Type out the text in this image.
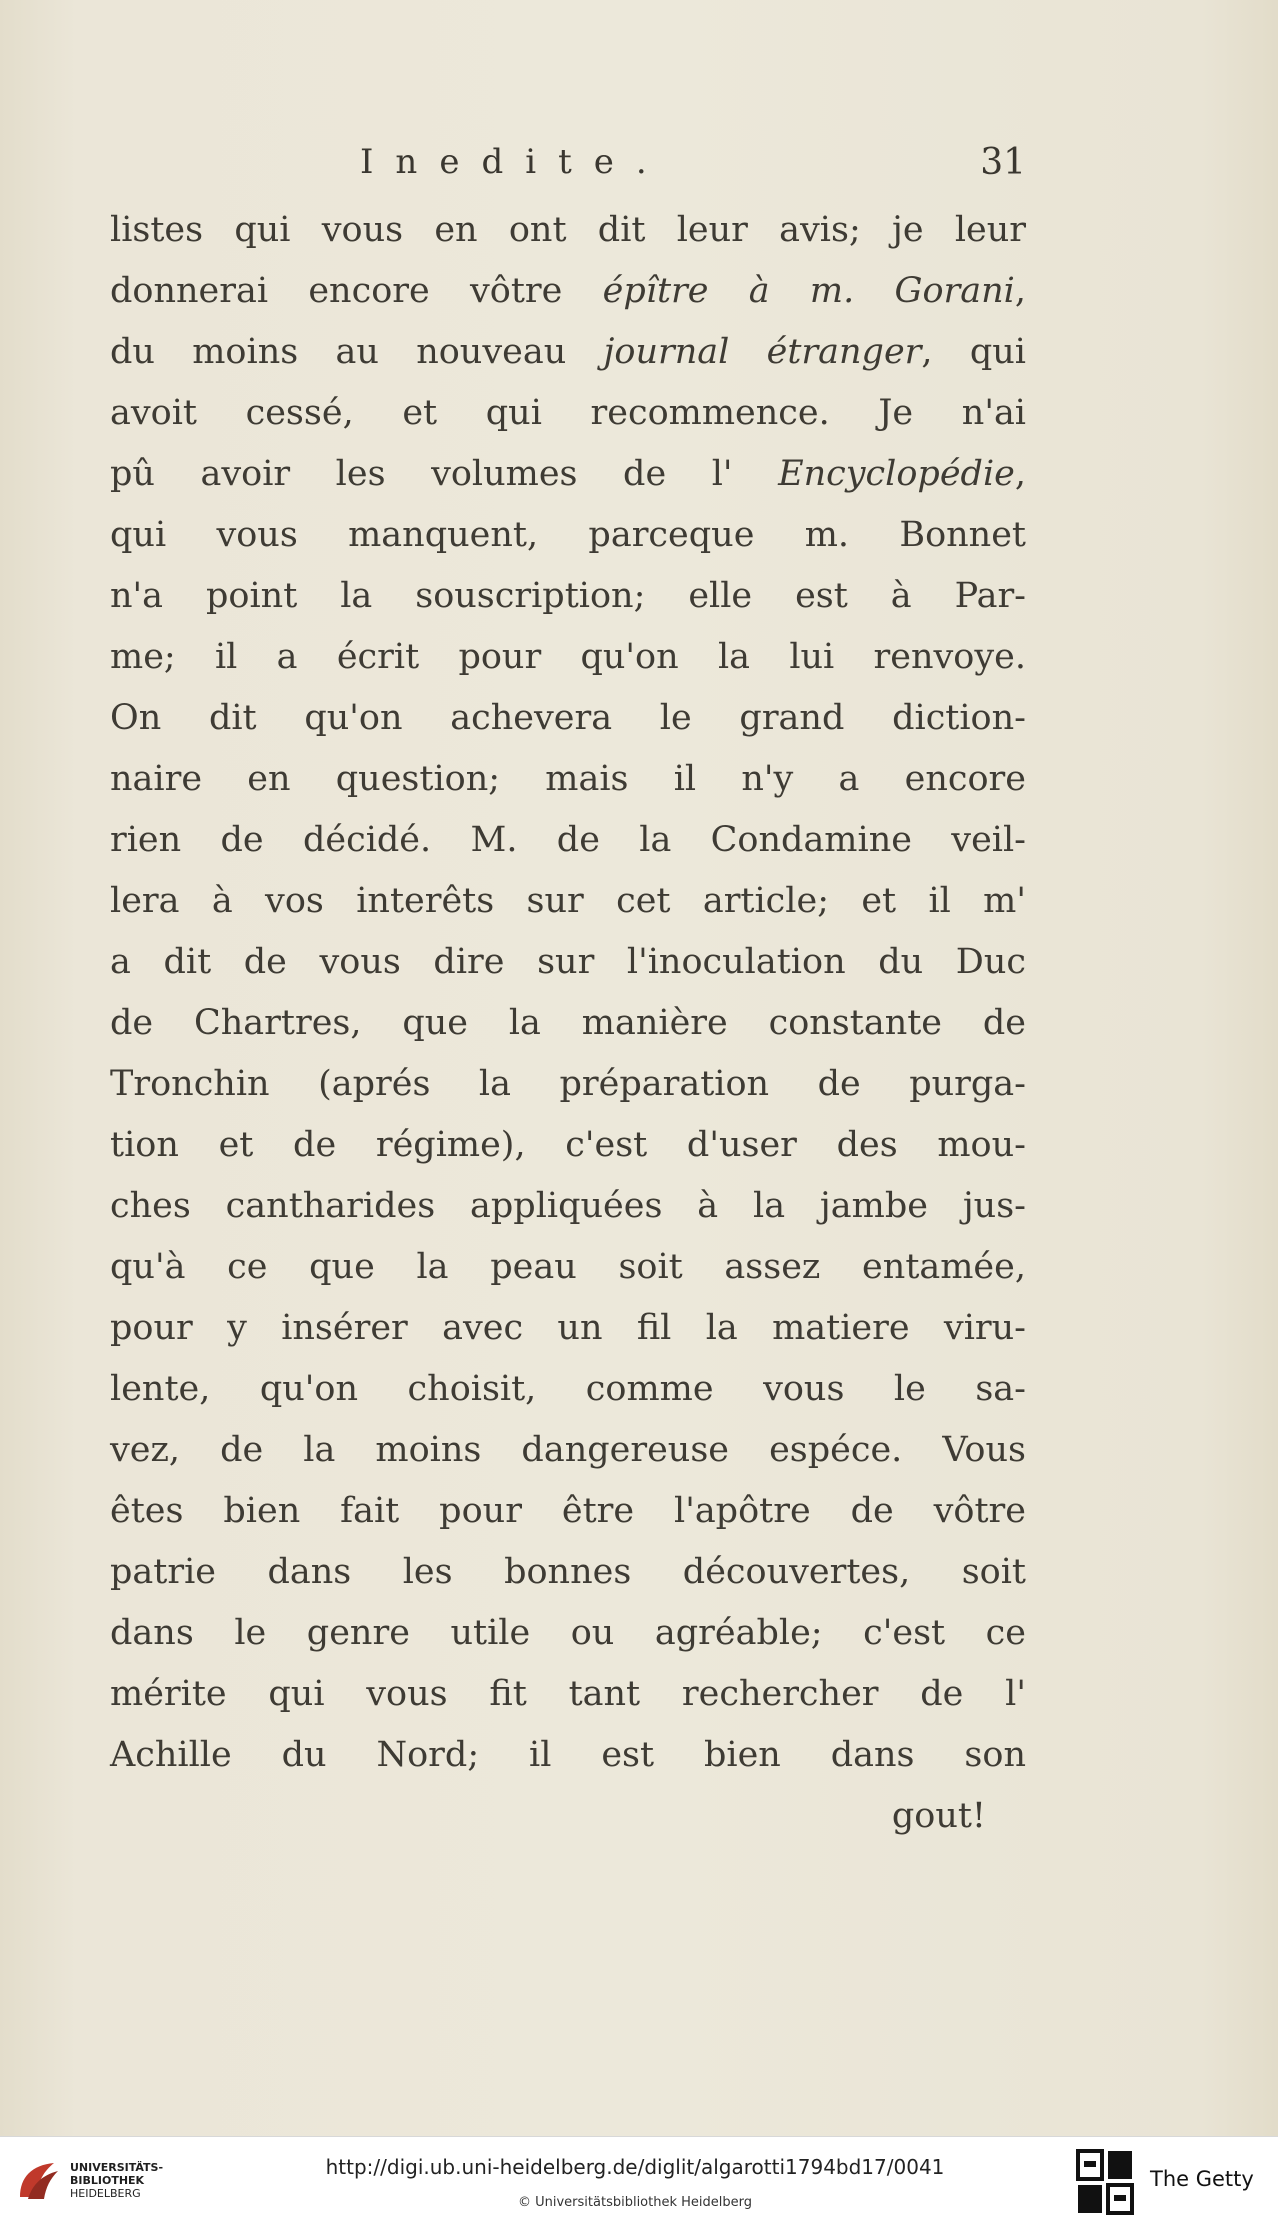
Inedite.	31
listes qui vous en ont dit leur avis; je leur
donnerai encore vôtre épître à m. Gorani,
du moins au nouveau journal étranger, qui
avoit cessé, et qui recommence. Je n'ai
pû avoir les volumes de l' Encyclopédie,
qui vous manquent, parceque m. Bonnet
n'a point la souscription; elle est à Par-
me; il a écrit pour qu'on la lui renvoye.
On dit qu'on achevera le grand diction-
naire en question; mais il n'y a encore
rien de décidé. M. de la Condamine veil-
lera à vos interêts sur cet article; et il m'
a dit de vous dire sur l'inoculation du Duc
de Chartres, que la manière constante de
Tronchin (aprés la préparation de purga-
tion et de régime), c'est d'user des mou-
ches cantharides appliquées à la jambe jus-
qu'à ce que la peau soit assez entamée,
pour y insérer avec un fil la matiere viru-
lente, qu'on choisit, comme vous le sa-
vez, de la moins dangereuse espéce. Vous
êtes bien fait pour être l'apôtre de vôtre
patrie dans les bonnes découvertes, soit
dans le genre utile ou agréable; c'est ce
mérite qui vous fit tant rechercher de l'
Achille du Nord; il est bien dans son
gout!
UNIVERSITÄTS-
BIBLIOTHEK
HEIDELBERG
http://digi.ub.uni-heidelberg.de/diglit/algarotti1794bd17/0041
© Universitätsbibliothek Heidelberg
The Getty
